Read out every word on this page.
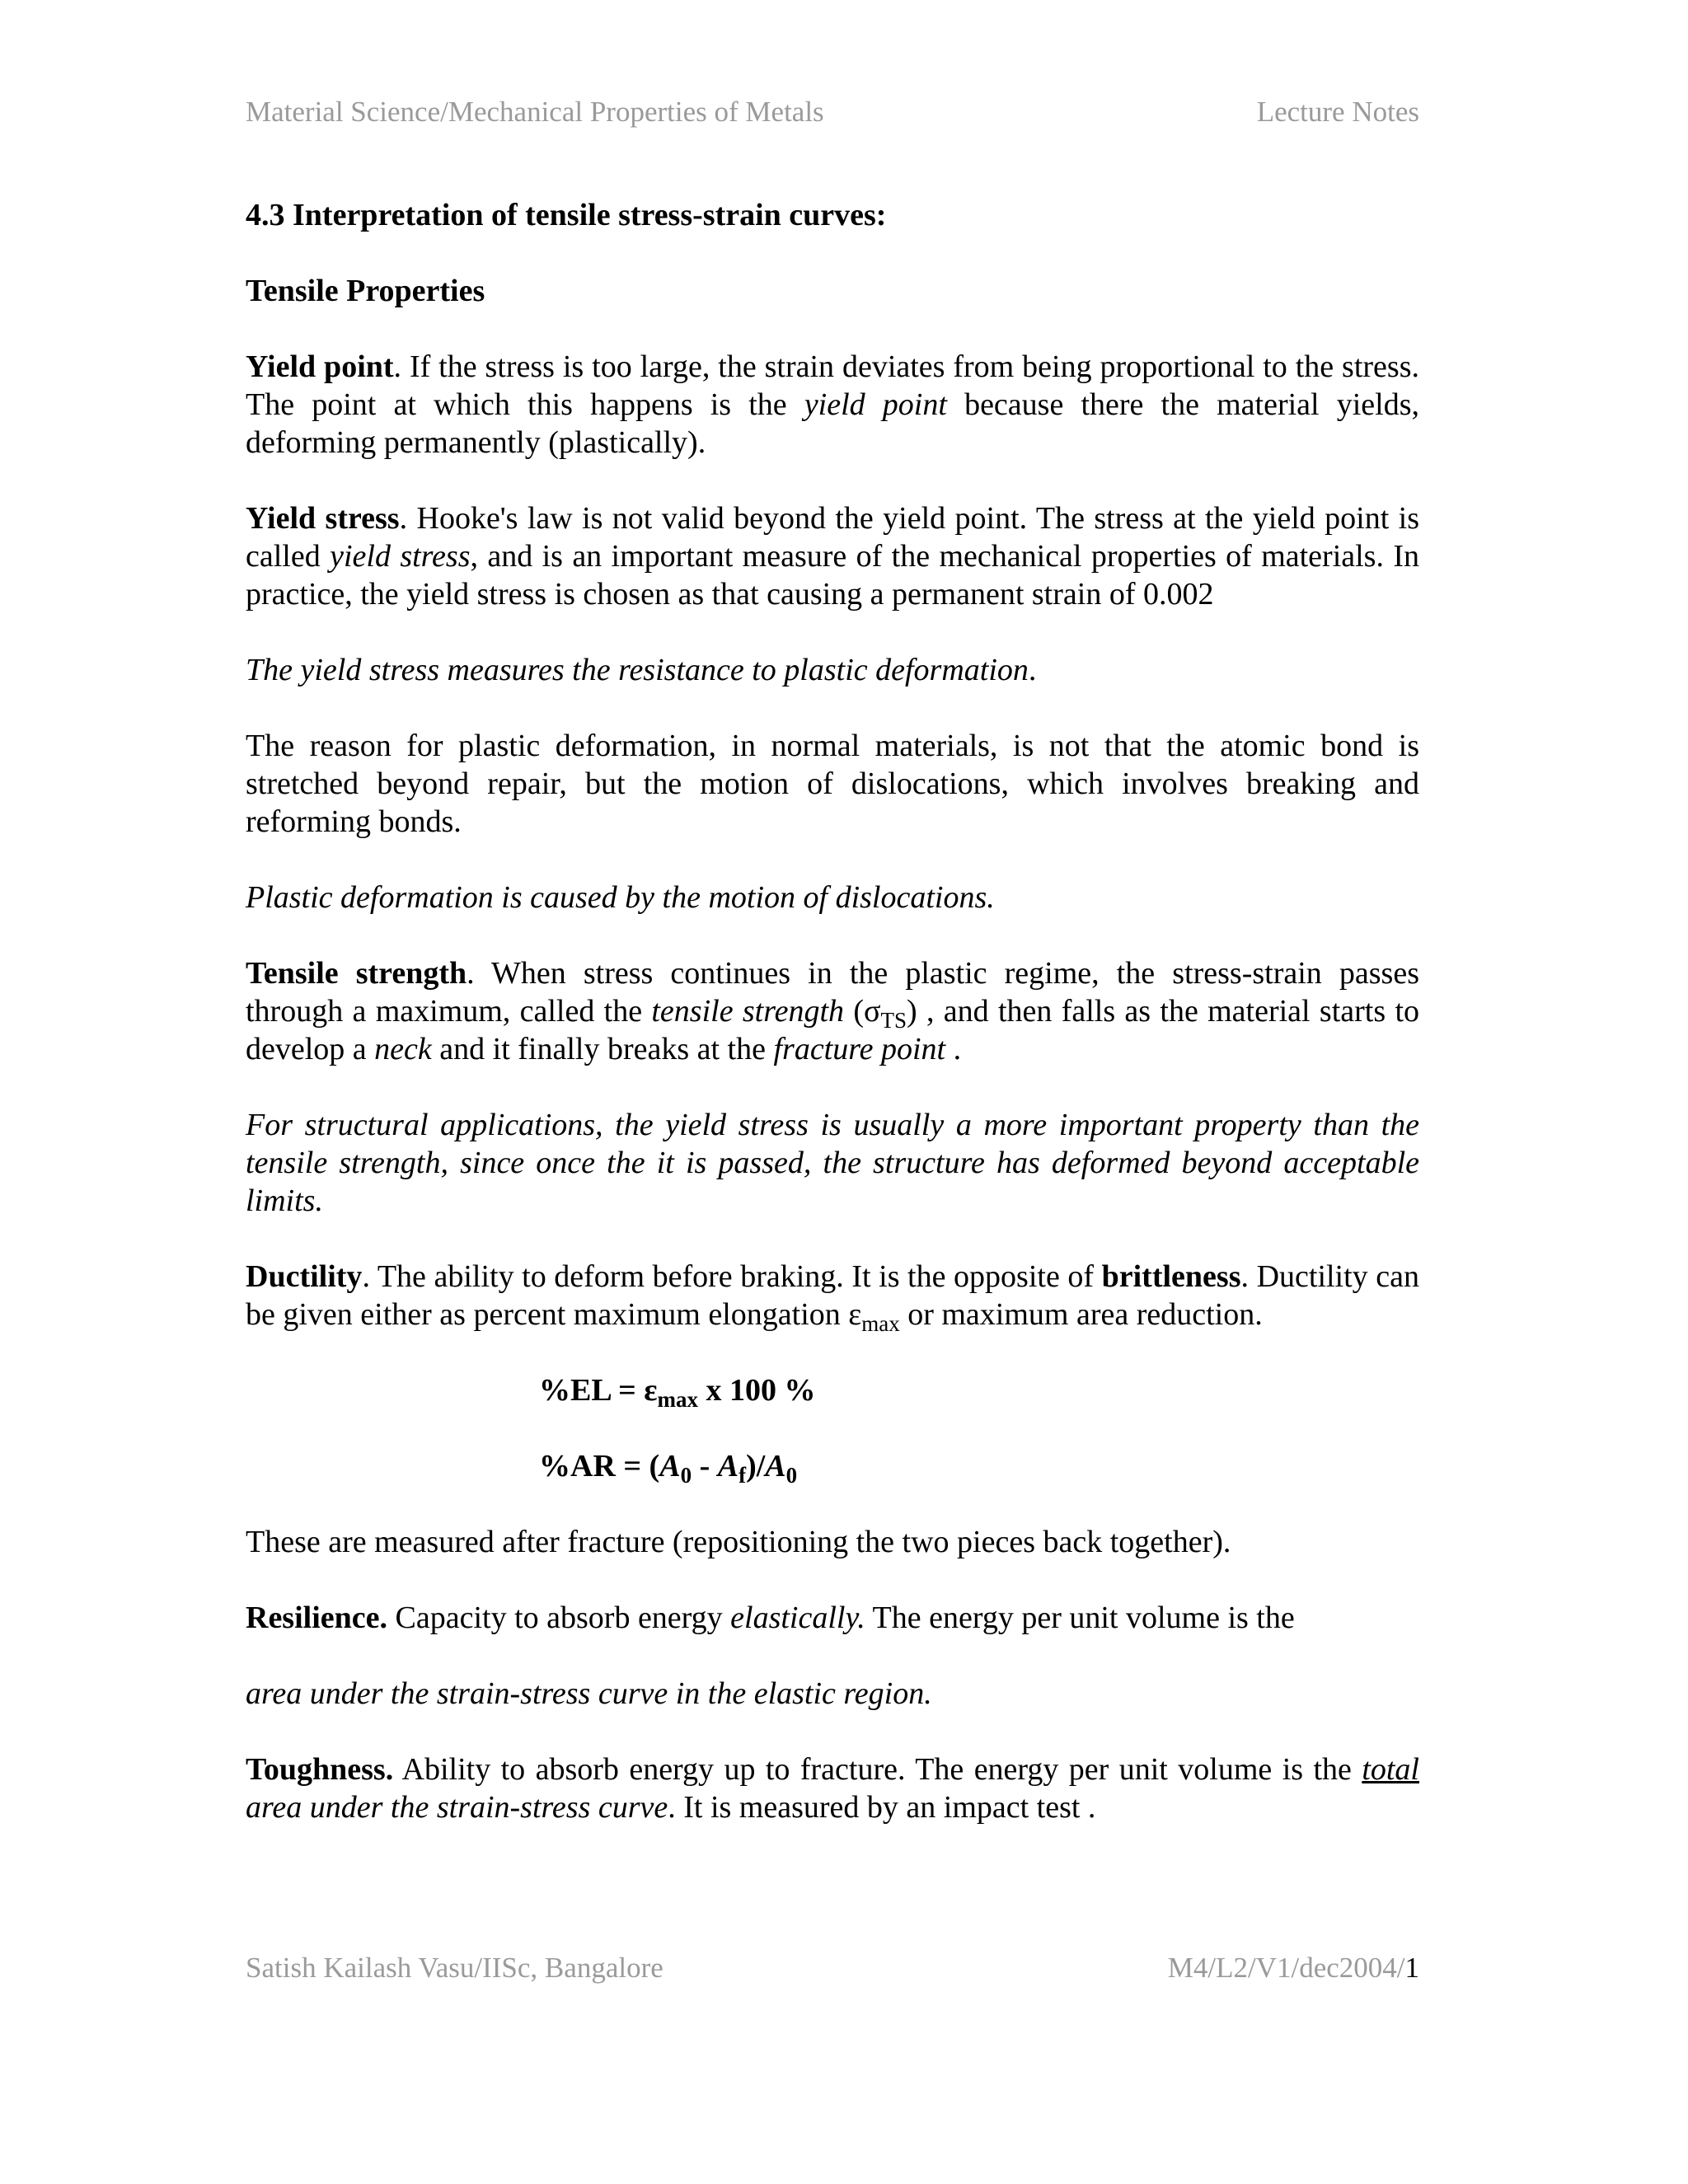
Material Science/Mechanical Properties of Metals	Lecture Notes
4.3 Interpretation of tensile stress-strain curves:
Tensile Properties

Yield point. If the stress is too large, the strain deviates from being proportional to the stress. The point at which this happens is the yield point because there the material yields, deforming permanently (plastically).

Yield stress. Hooke's law is not valid beyond the yield point. The stress at the yield point is called yield stress, and is an important measure of the mechanical properties of materials. In practice, the yield stress is chosen as that causing a permanent strain of 0.002

The yield stress measures the resistance to plastic deformation.

The reason for plastic deformation, in normal materials, is not that the atomic bond is stretched beyond repair, but the motion of dislocations, which involves breaking and reforming bonds.

Plastic deformation is caused by the motion of dislocations.

Tensile strength. When stress continues in the plastic regime, the stress-strain passes through a maximum, called the tensile strength $(\sigma_{TS})$ , and then falls as the material starts to develop a neck and it finally breaks at the fracture point .

For structural applications, the yield stress is usually a more important property than the tensile strength, since once the it is passed, the structure has deformed beyond acceptable limits.

Ductility. The ability to deform before braking. It is the opposite of brittleness. Ductility can be given either as percent maximum elongation $\varepsilon_{max}$ or maximum area reduction.

$\%EL = \varepsilon_{max}$ x 100 %

$\%AR = (A_0 - A_f)/A_0$

These are measured after fracture (repositioning the two pieces back together).

Resilience. Capacity to absorb energy elastically. The energy per unit volume is the

area under the strain-stress curve in the elastic region.

Toughness. Ability to absorb energy up to fracture. The energy per unit volume is the total area under the strain-stress curve. It is measured by an impact test .

Satish Kailash Vasu/IISc, Bangalore	M4/L2/V1/dec2004/1
